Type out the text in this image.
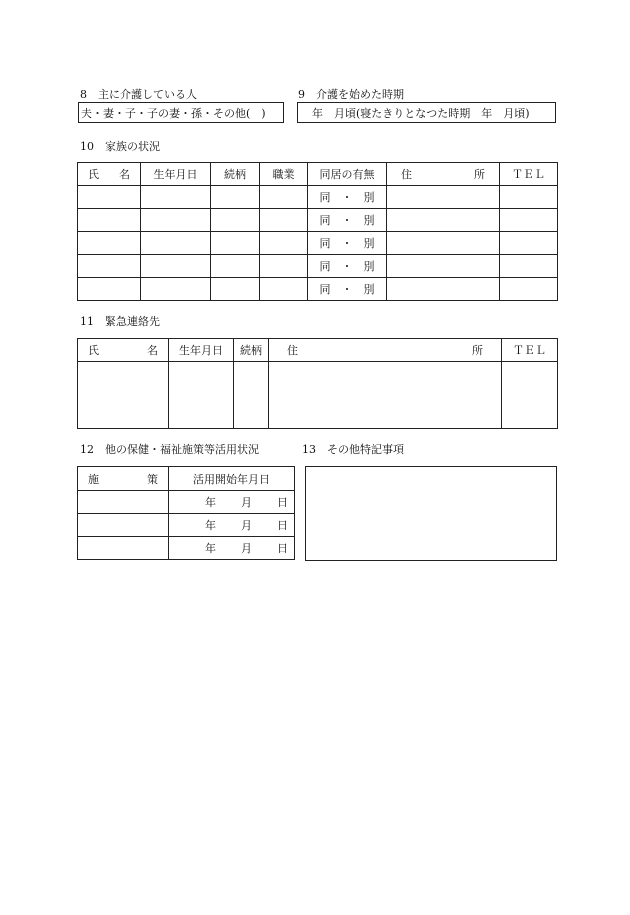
8　主に介護している人
夫・妻・子・子の妻・孫・その他(　)
9　介護を始めた時期
年　月頃(寝たきりとなつた時期　年　月頃)
10　家族の状況
氏 名	生年月日	続柄	職業	同居の有無	住 所	ＴＥＬ
				同　・　別		
				同　・　別		
				同　・　別		
				同　・　別		
				同　・　別		
11　緊急連絡先
氏 名	生年月日	続柄	住 所	ＴＥＬ

12　他の保健・福祉施策等活用状況
施 策	活用開始年月日

	年 月 日

	年 月 日

	年 月 日
13　その他特記事項
